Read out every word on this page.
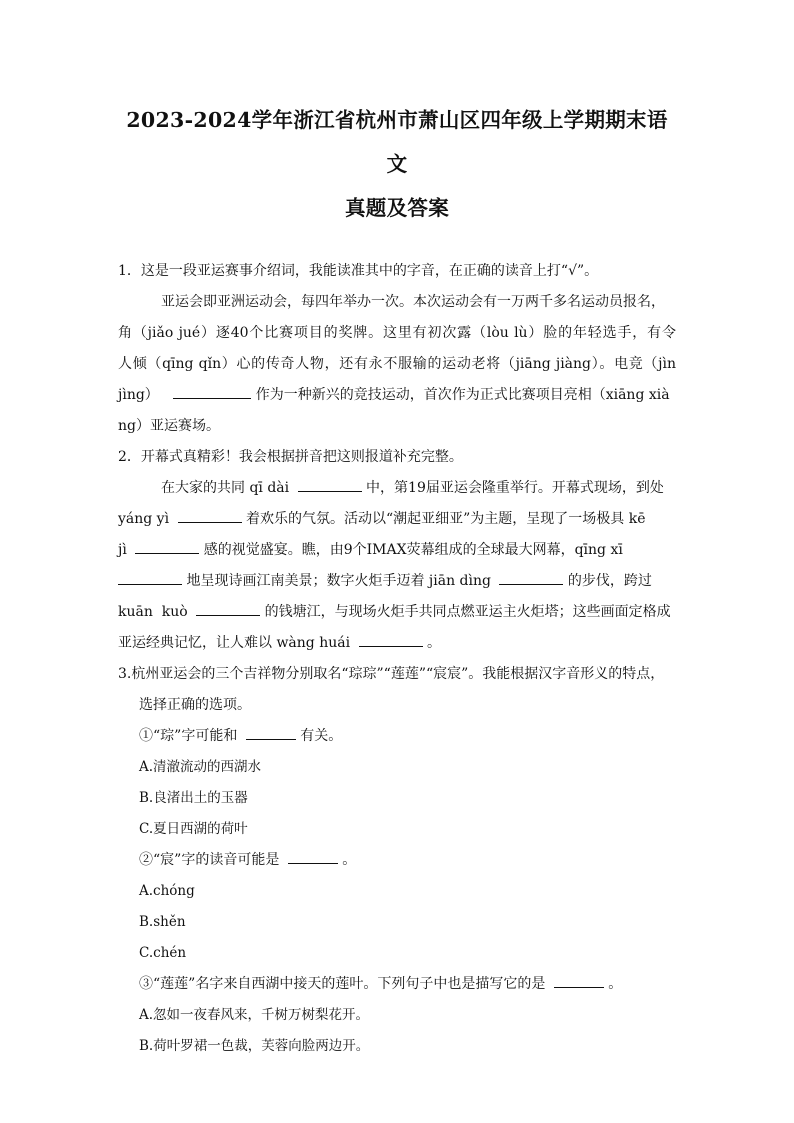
2023-2024学年浙江省杭州市萧山区四年级上学期期末语文
真题及答案
1．这是一段亚运赛事介绍词，我能读准其中的字音，在正确的读音上打“√”。
亚运会即亚洲运动会，每四年举办一次。本次运动会有一万两千多名运动员报名，
角（jiǎo jué）逐40个比赛项目的奖牌。这里有初次露（lòu lù）脸的年轻选手，有令
人倾（qīng qǐn）心的传奇人物，还有永不服输的运动老将（jiāng jiàng）。电竞（jìn
jìng）	作为一种新兴的竞技运动，首次作为正式比赛项目亮相（xiāng xià
ng）亚运赛场。
2．开幕式真精彩！我会根据拼音把这则报道补充完整。
在大家的共同 qī dài	中，第19届亚运会隆重举行。开幕式现场，到处
yáng yì	着欢乐的气氛。活动以“潮起亚细亚”为主题，呈现了一场极具 kē
jì	感的视觉盛宴。瞧，由9个IMAX荧幕组成的全球最大网幕，qīng xī
地呈现诗画江南美景；数字火炬手迈着 jiān dìng	的步伐，跨过
kuān  kuò	的钱塘江，与现场火炬手共同点燃亚运主火炬塔；这些画面定格成
亚运经典记忆，让人难以 wàng huái	。
3.杭州亚运会的三个吉祥物分别取名“琮琮”“莲莲”“宸宸”。我能根据汉字音形义的特点，
选择正确的选项。
①“琮”字可能和	有关。
A.清澈流动的西湖水
B.良渚出土的玉器
C.夏日西湖的荷叶
②“宸”字的读音可能是	。
A.chóng
B.shěn
C.chén
③“莲莲”名字来自西湖中接天的莲叶。下列句子中也是描写它的是	。
A.忽如一夜春风来，千树万树梨花开。
B.荷叶罗裙一色裁，芙蓉向脸两边开。
